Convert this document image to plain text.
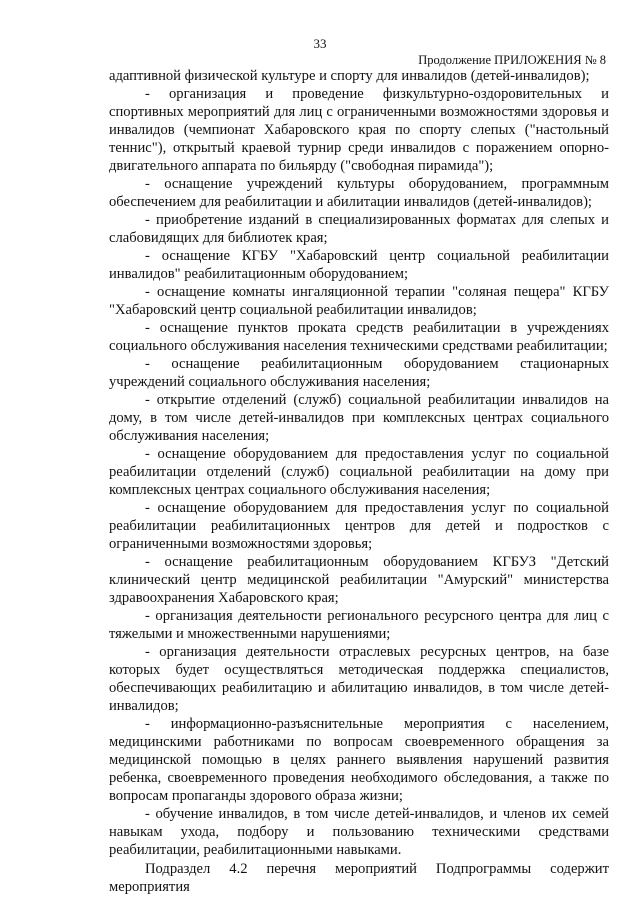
33
Продолжение ПРИЛОЖЕНИЯ № 8

адаптивной физической культуре и спорту для инвалидов (детей-инвалидов);

- организация и проведение физкультурно-оздоровительных и спортивных мероприятий для лиц с ограниченными возможностями здоровья и инвалидов (чемпионат Хабаровского края по спорту слепых ("настольный теннис"), открытый краевой турнир среди инвалидов с поражением опорно-двигательного аппарата по бильярду ("свободная пирамида");

- оснащение учреждений культуры оборудованием, программным обеспечением для реабилитации и абилитации инвалидов (детей-инвалидов);

- приобретение изданий в специализированных форматах для слепых и слабовидящих для библиотек края;

- оснащение КГБУ "Хабаровский центр социальной реабилитации инвалидов" реабилитационным оборудованием;

- оснащение комнаты ингаляционной терапии "соляная пещера" КГБУ "Хабаровский центр социальной реабилитации инвалидов;

- оснащение пунктов проката средств реабилитации в учреждениях социального обслуживания населения техническими средствами реабилитации;

- оснащение реабилитационным оборудованием стационарных учреждений социального обслуживания населения;

- открытие отделений (служб) социальной реабилитации инвалидов на дому, в том числе детей-инвалидов при комплексных центрах социального обслуживания населения;

- оснащение оборудованием для предоставления услуг по социальной реабилитации отделений (служб) социальной реабилитации на дому при комплексных центрах социального обслуживания населения;

- оснащение оборудованием для предоставления услуг по социальной реабилитации реабилитационных центров для детей и подростков с ограниченными возможностями здоровья;

- оснащение реабилитационным оборудованием КГБУЗ "Детский клинический центр медицинской реабилитации "Амурский" министерства здравоохранения Хабаровского края;

- организация деятельности регионального ресурсного центра для лиц с тяжелыми и множественными нарушениями;

- организация деятельности отраслевых ресурсных центров, на базе которых будет осуществляться методическая поддержка специалистов, обеспечивающих реабилитацию и абилитацию инвалидов, в том числе детей-инвалидов;

- информационно-разъяснительные мероприятия с населением, медицинскими работниками по вопросам своевременного обращения за медицинской помощью в целях раннего выявления нарушений развития ребенка, своевременного проведения необходимого обследования, а также по вопросам пропаганды здорового образа жизни;

- обучение инвалидов, в том числе детей-инвалидов, и членов их семей навыкам ухода, подбору и пользованию техническими средствами реабилитации, реабилитационными навыками.

Подраздел 4.2 перечня мероприятий Подпрограммы содержит мероприятия
